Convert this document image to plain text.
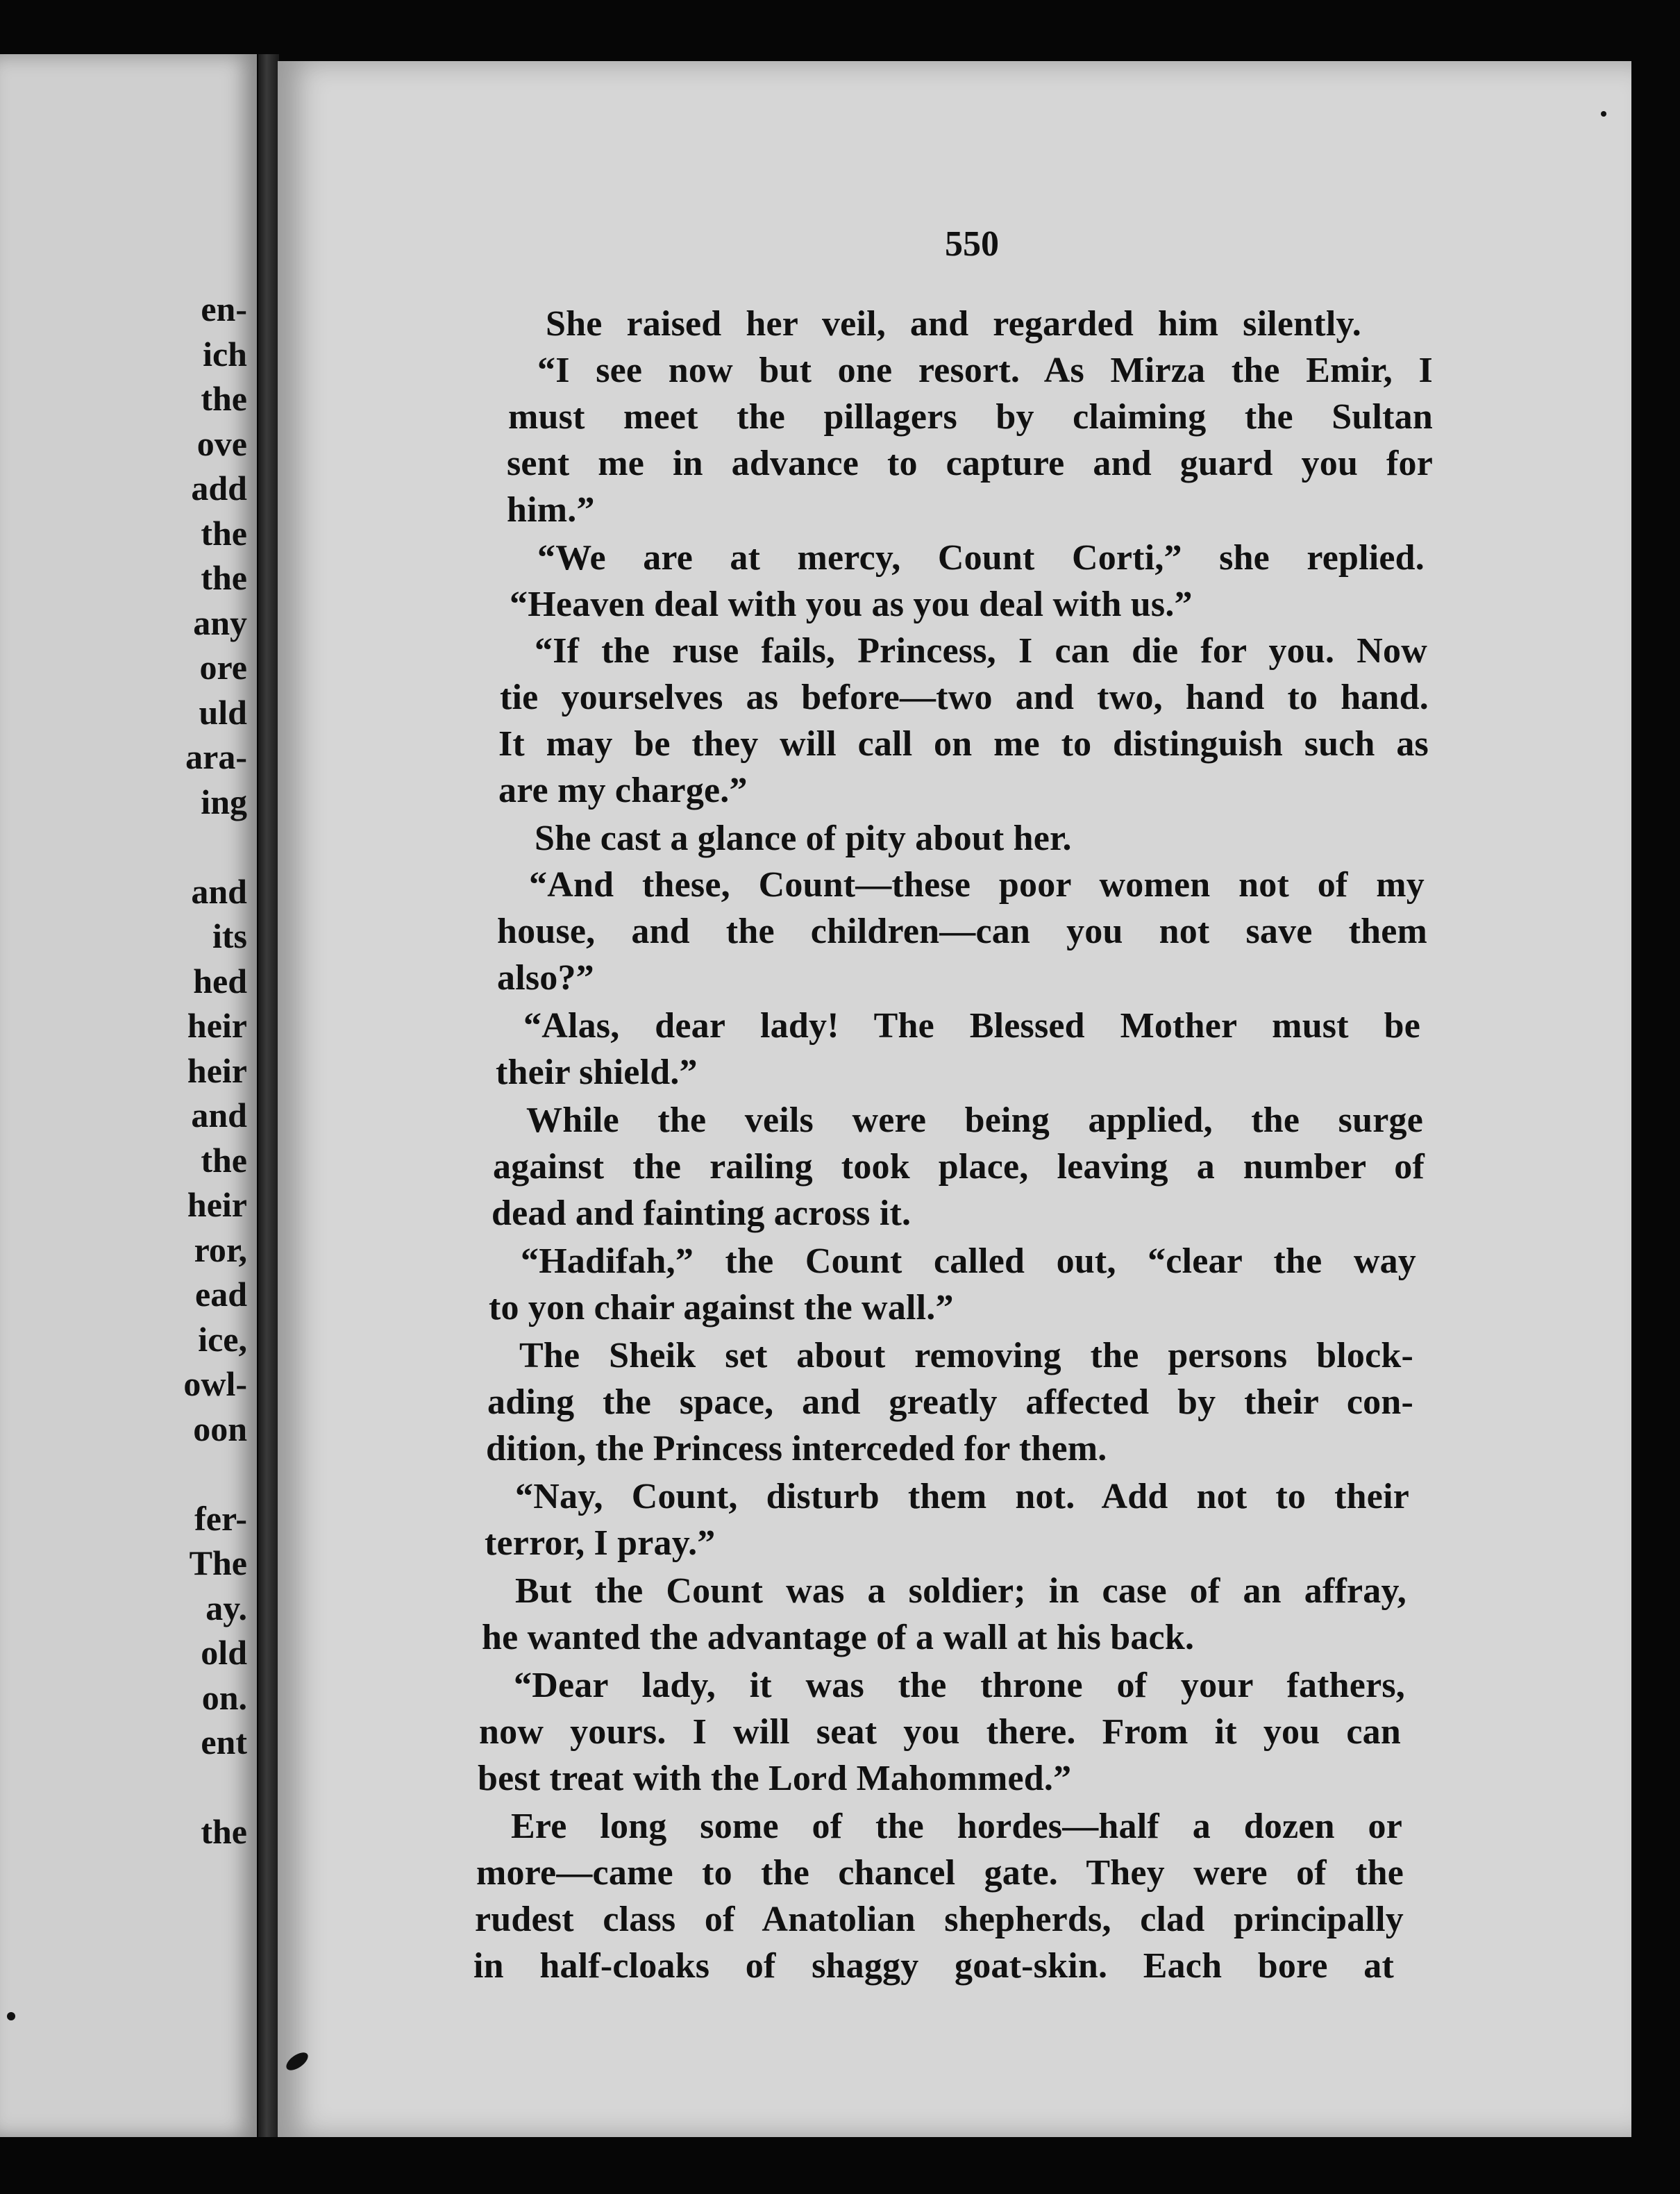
en-
ich
the
ove
add
the
the
any
ore
uld
ara-
ing
and
its
hed
heir
heir
and
the
heir
ror,
ead
ice,
owl-
oon
fer-
The
ay.
old
on.
ent
the
550
She raised her veil, and regarded him silently.
“I see now but one resort. As Mirza the Emir, I
must meet the pillagers by claiming the Sultan
sent me in advance to capture and guard you for
him.”
“We are at mercy, Count Corti,” she replied.
“Heaven deal with you as you deal with us.”
“If the ruse fails, Princess, I can die for you. Now
tie yourselves as before—two and two, hand to hand.
It may be they will call on me to distinguish such as
are my charge.”
She cast a glance of pity about her.
“And these, Count—these poor women not of my
house, and the children—can you not save them
also?”
“Alas, dear lady! The Blessed Mother must be
their shield.”
While the veils were being applied, the surge
against the railing took place, leaving a number of
dead and fainting across it.
“Hadifah,” the Count called out, “clear the way
to yon chair against the wall.”
The Sheik set about removing the persons block-
ading the space, and greatly affected by their con-
dition, the Princess interceded for them.
“Nay, Count, disturb them not. Add not to their
terror, I pray.”
But the Count was a soldier; in case of an affray,
he wanted the advantage of a wall at his back.
“Dear lady, it was the throne of your fathers,
now yours. I will seat you there. From it you can
best treat with the Lord Mahommed.”
Ere long some of the hordes—half a dozen or
more—came to the chancel gate. They were of the
rudest class of Anatolian shepherds, clad principally
in half-cloaks of shaggy goat-skin. Each bore at
